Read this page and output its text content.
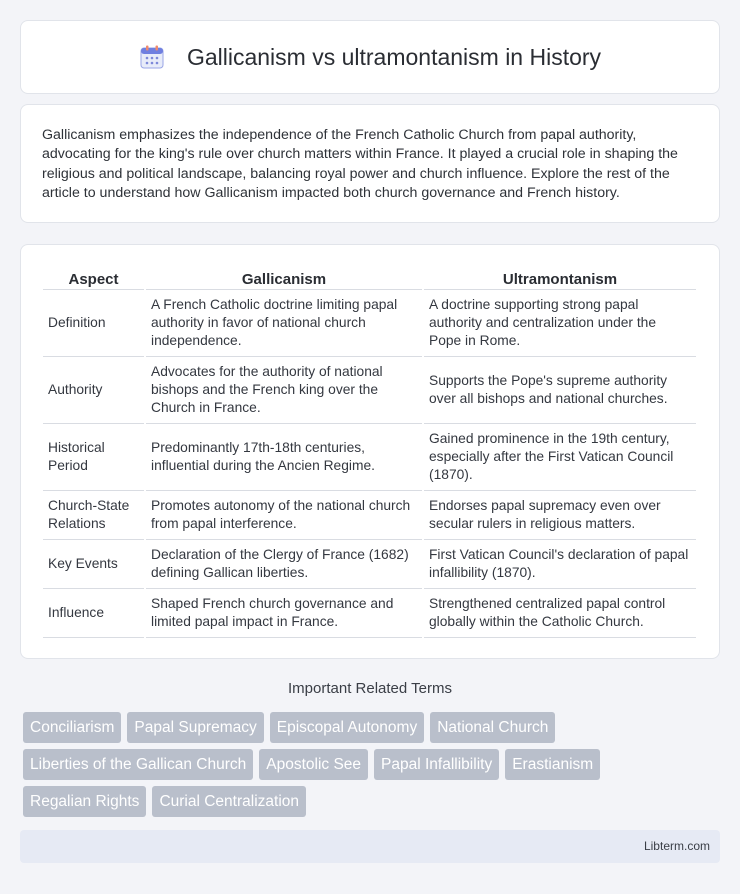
Gallicanism vs ultramontanism in History

Gallicanism emphasizes the independence of the French Catholic Church from papal authority, advocating for the king's rule over church matters within France. It played a crucial role in shaping the religious and political landscape, balancing royal power and church influence. Explore the rest of the article to understand how Gallicanism impacted both church governance and French history.

Aspect	Gallicanism	Ultramontanism
Definition	A French Catholic doctrine limiting papal authority in favor of national church independence.	A doctrine supporting strong papal authority and centralization under the Pope in Rome.
Authority	Advocates for the authority of national bishops and the French king over the Church in France.	Supports the Pope's supreme authority over all bishops and national churches.
Historical Period	Predominantly 17th-18th centuries, influential during the Ancien Regime.	Gained prominence in the 19th century, especially after the First Vatican Council (1870).
Church-State Relations	Promotes autonomy of the national church from papal interference.	Endorses papal supremacy even over secular rulers in religious matters.
Key Events	Declaration of the Clergy of France (1682) defining Gallican liberties.	First Vatican Council's declaration of papal infallibility (1870).
Influence	Shaped French church governance and limited papal impact in France.	Strengthened centralized papal control globally within the Catholic Church.
Important Related Terms
Conciliarism	Papal Supremacy	Episcopal Autonomy	National Church
Liberties of the Gallican Church	Apostolic See	Papal Infallibility	Erastianism
Regalian Rights	Curial Centralization
Libterm.com
